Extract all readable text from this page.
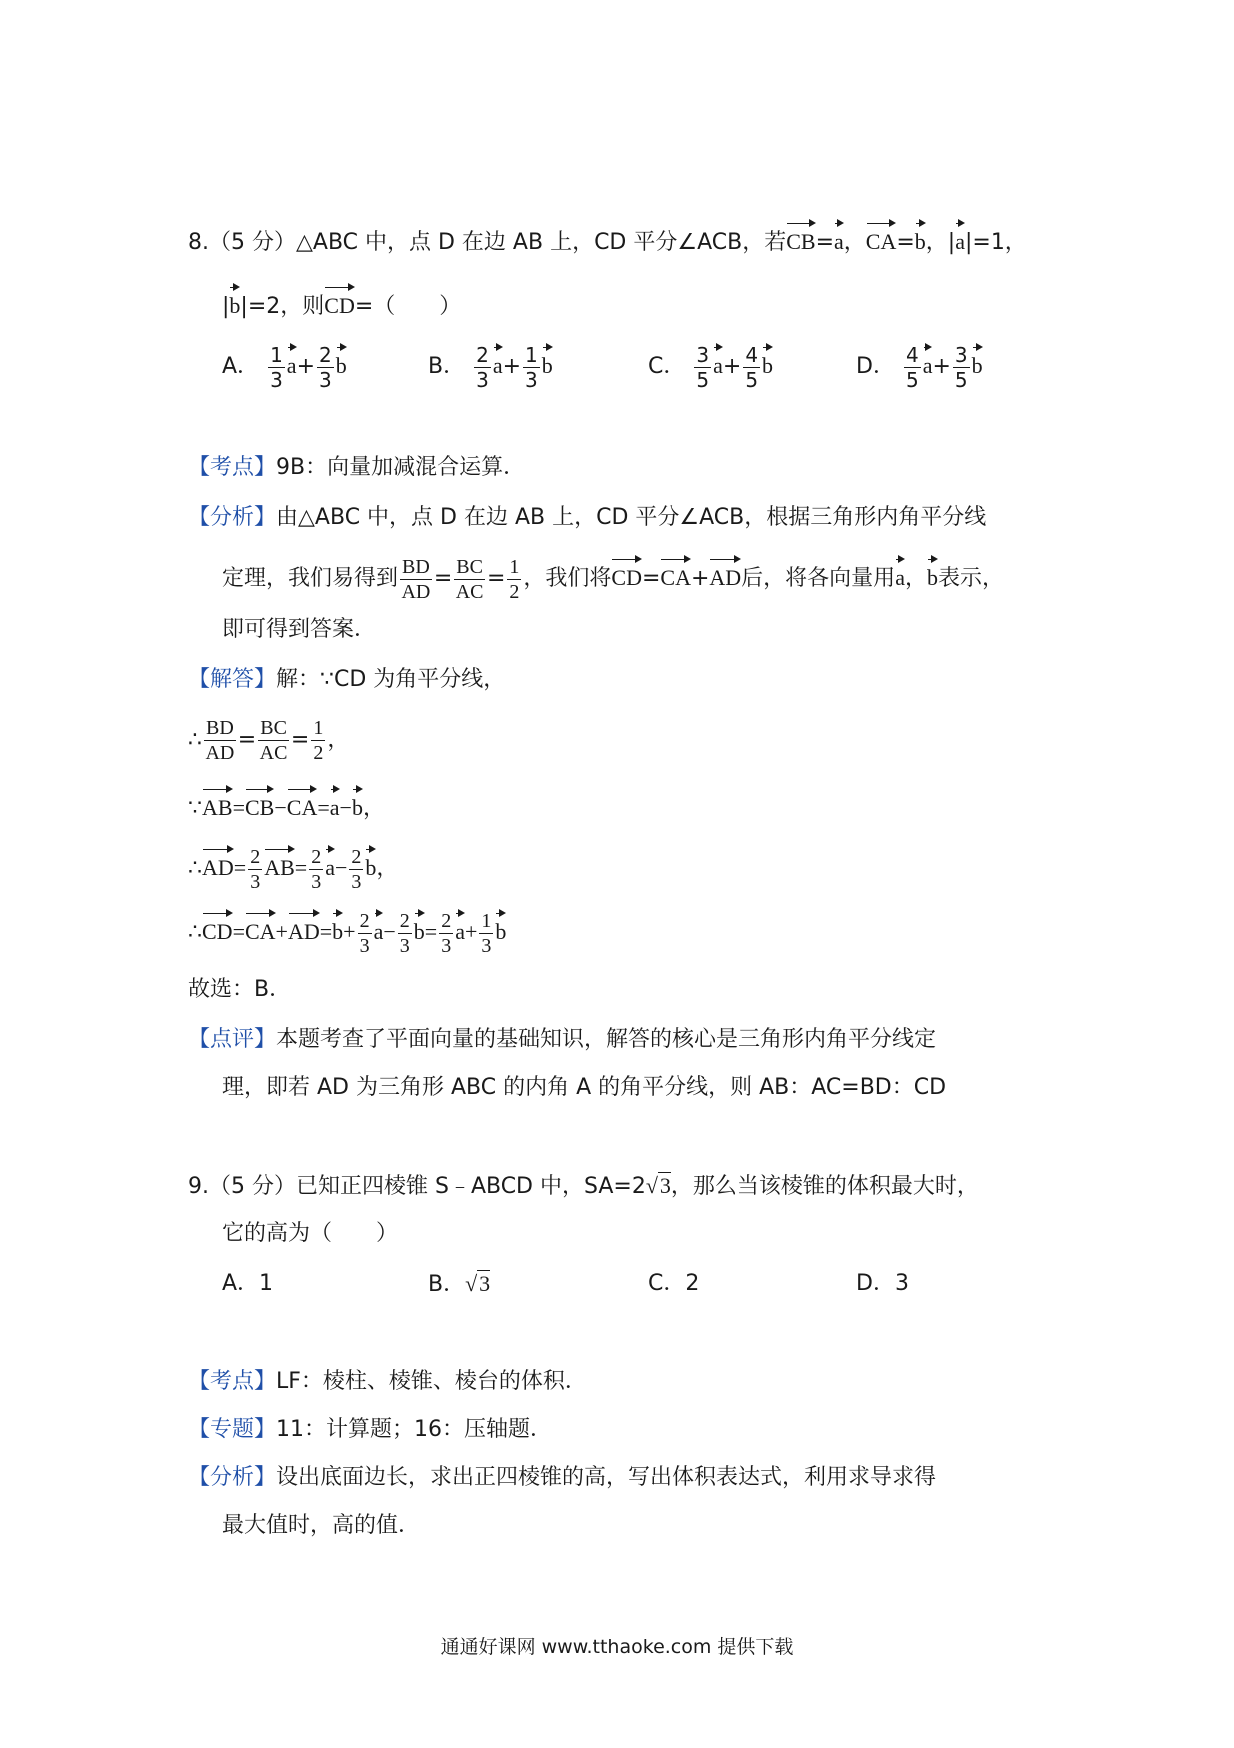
8.（5 分）△ABC 中，点 D 在边 AB 上，CD 平分∠ACB，若CB=a，CA=b，|a|=1，
|b|=2，则CD=（　　）
A． $\frac{1}{3} a+ \frac{2}{3}$ b	B． $\frac{2}{3} a+ \frac{1}{3}$ b	C． $\frac{3}{5} a+ \frac{4}{5}$ b	D． $\frac{4}{5} a+ \frac{3}{5}$ b
【考点】9B：向量加减混合运算．
【分析】由△ABC 中，点 D 在边 AB 上，CD 平分∠ACB，根据三角形内角平分线
定理，我们易得到 $\frac{BD}{AD} = \frac{BC}{AC} = \frac{1}{2}$ ，我们将CD=CA+AD后，将各向量用a，b表示，
即可得到答案．
【解答】解：∵CD 为角平分线，
∴ $\frac{BD}{AD} = \frac{BC}{AC} = \frac{1}{2}$ ，
∵AB=CB−CA=a−b，
∴AD= $\frac{2}{3} AB= \frac{2}{3} a- \frac{2}{3}$ b，
∴CD=CA+AD=b+ $\frac{2}{3} a- \frac{2}{3} b= \frac{2}{3} a+ \frac{1}{3}$ b
故选：B．
【点评】本题考查了平面向量的基础知识，解答的核心是三角形内角平分线定
理，即若 AD 为三角形 ABC 的内角 A 的角平分线，则 AB：AC=BD：CD
9.（5 分）已知正四棱锥 S﹣ABCD 中，SA=2√3，那么当该棱锥的体积最大时，
它的高为（　　）
A．1	B．√3	C．2	D．3
【考点】LF：棱柱、棱锥、棱台的体积．
【专题】11：计算题；16：压轴题．
【分析】设出底面边长，求出正四棱锥的高，写出体积表达式，利用求导求得
最大值时，高的值．
通通好课网 www.tthaoke.com 提供下载
